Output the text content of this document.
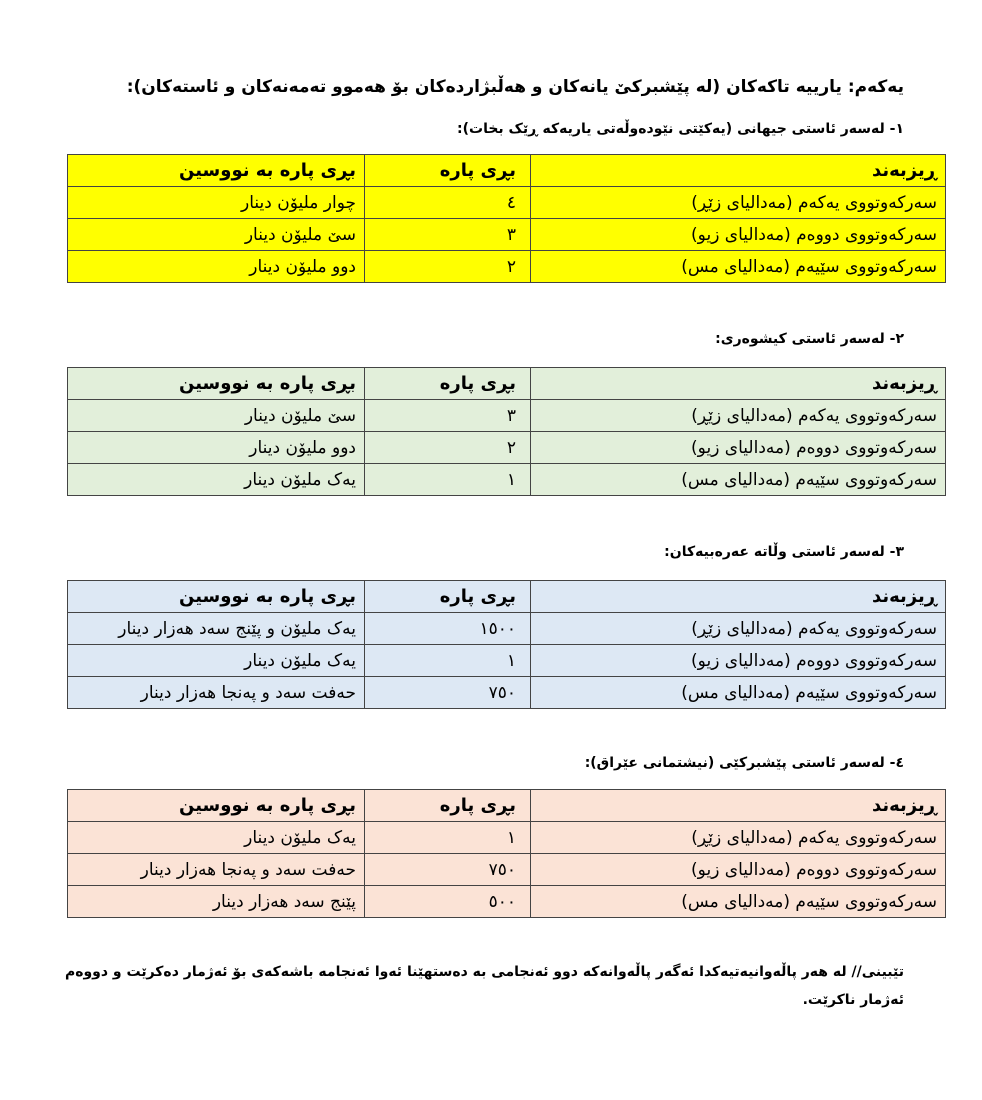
یەکەم: یارییە تاکەکان (لە پێشبرکێ یانەکان و هەڵبژاردەکان بۆ هەموو تەمەنەکان و ئاستەکان):
١- لەسەر ئاستی جیهانی (یەکێتی نێودەوڵەتی یاریەکە ڕێک بخات):
ڕیزبەند	بڕی پارە	بڕی پارە بە نووسین
سەرکەوتووی یەکەم (مەدالیای زێڕ)	٤	چوار ملیۆن دینار
سەرکەوتووی دووەم (مەدالیای زیو)	٣	سێ ملیۆن دینار
سەرکەوتووی سێیەم (مەدالیای مس)	٢	دوو ملیۆن دینار
٢- لەسەر ئاستی کیشوەری:
ڕیزبەند	بڕی پارە	بڕی پارە بە نووسین
سەرکەوتووی یەکەم (مەدالیای زێڕ)	٣	سێ ملیۆن دینار
سەرکەوتووی دووەم (مەدالیای زیو)	٢	دوو ملیۆن دینار
سەرکەوتووی سێیەم (مەدالیای مس)	١	یەک ملیۆن دینار
٣- لەسەر ئاستی وڵاتە عەرەبیەکان:
ڕیزبەند	بڕی پارە	بڕی پارە بە نووسین
سەرکەوتووی یەکەم (مەدالیای زێڕ)	١٥٠٠	یەک ملیۆن و پێنج سەد هەزار دینار
سەرکەوتووی دووەم (مەدالیای زیو)	١	یەک ملیۆن دینار
سەرکەوتووی سێیەم (مەدالیای مس)	٧٥٠	حەفت سەد و پەنجا هەزار دینار
٤- لەسەر ئاستی پێشبرکێی (نیشتمانی عێراق):
ڕیزبەند	بڕی پارە	بڕی پارە بە نووسین
سەرکەوتووی یەکەم (مەدالیای زێڕ)	١	یەک ملیۆن دینار
سەرکەوتووی دووەم (مەدالیای زیو)	٧٥٠	حەفت سەد و پەنجا هەزار دینار
سەرکەوتووی سێیەم (مەدالیای مس)	٥٠٠	پێنج سەد هەزار دینار
تێبینی// لە هەر پاڵەوانیەتیەکدا ئەگەر پاڵەوانەکە دوو ئەنجامی بە دەستهێنا ئەوا ئەنجامە باشەکەی بۆ ئەژمار دەکرێت و دووەم ئەژمار ناکرێت.
